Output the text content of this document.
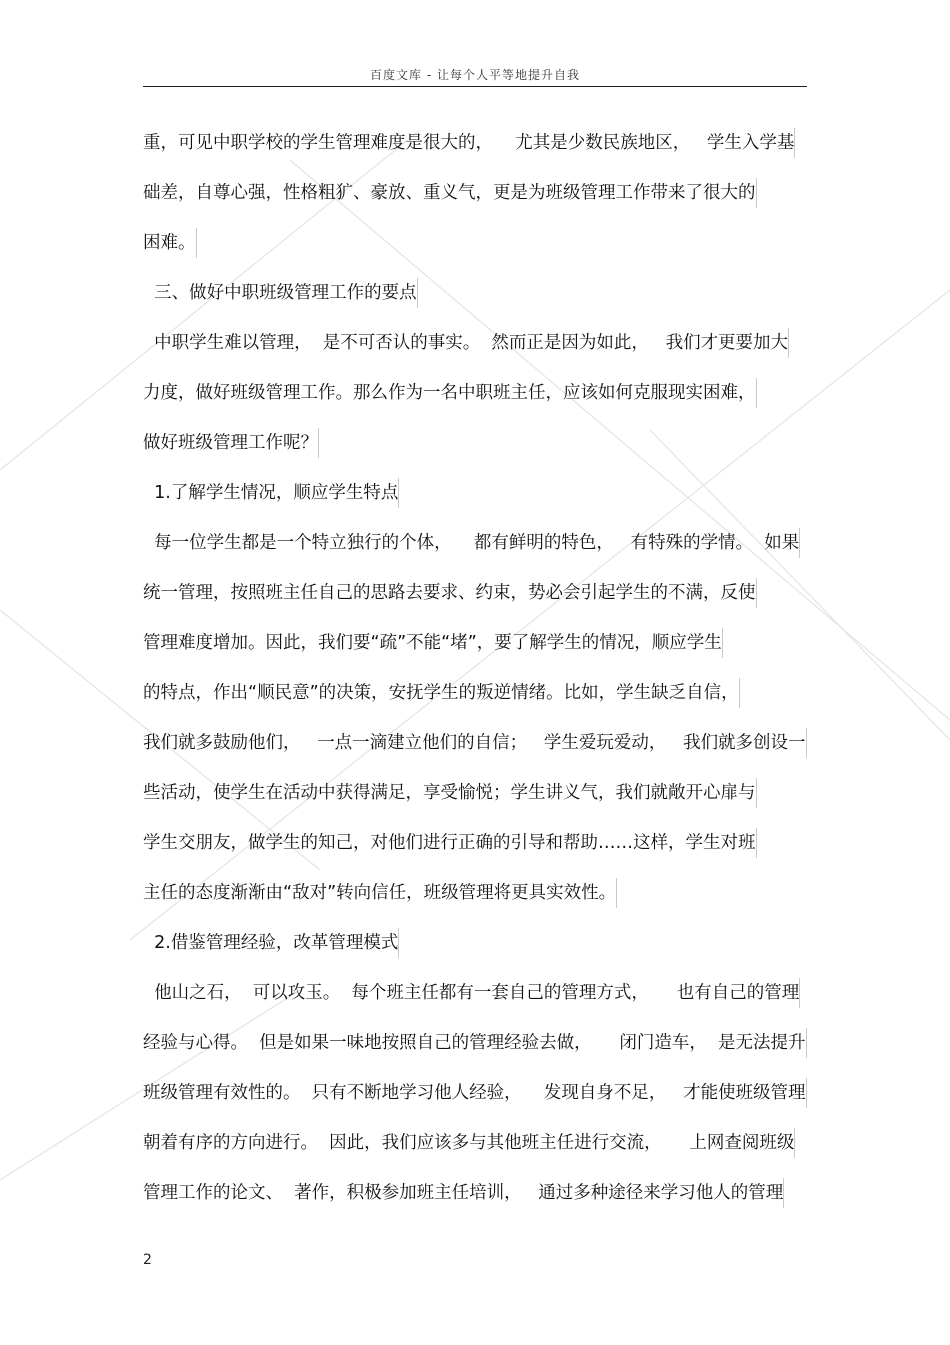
百度文库 - 让每个人平等地提升自我
重，可见中职学校的学生管理难度是很大的，    尤其是少数民族地区，   学生入学基
础差，自尊心强，性格粗犷、豪放、重义气，更是为班级管理工作带来了很大的
困难。
三、做好中职班级管理工作的要点
中职学生难以管理，  是不可否认的事实。  然而正是因为如此，   我们才更要加大
力度，做好班级管理工作。那么作为一名中职班主任，应该如何克服现实困难，
做好班级管理工作呢？
1.了解学生情况，顺应学生特点
每一位学生都是一个特立独行的个体，    都有鲜明的特色，   有特殊的学情。  如果
统一管理，按照班主任自己的思路去要求、约束，势必会引起学生的不满，反使
管理难度增加。因此，我们要“疏”不能“堵”，要了解学生的情况，顺应学生
的特点，作出“顺民意”的决策，安抚学生的叛逆情绪。比如，学生缺乏自信，
我们就多鼓励他们，   一点一滴建立他们的自信；   学生爱玩爱动，   我们就多创设一
些活动，使学生在活动中获得满足，享受愉悦；学生讲义气，我们就敞开心扉与
学生交朋友，做学生的知己，对他们进行正确的引导和帮助……这样，学生对班
主任的态度渐渐由“敌对”转向信任，班级管理将更具实效性。
2.借鉴管理经验，改革管理模式
他山之石，  可以攻玉。  每个班主任都有一套自己的管理方式，     也有自己的管理
经验与心得。  但是如果一味地按照自己的管理经验去做，     闭门造车，  是无法提升
班级管理有效性的。  只有不断地学习他人经验，    发现自身不足，   才能使班级管理
朝着有序的方向进行。  因此，我们应该多与其他班主任进行交流，     上网查阅班级
管理工作的论文、  著作，积极参加班主任培训，   通过多种途径来学习他人的管理
2
